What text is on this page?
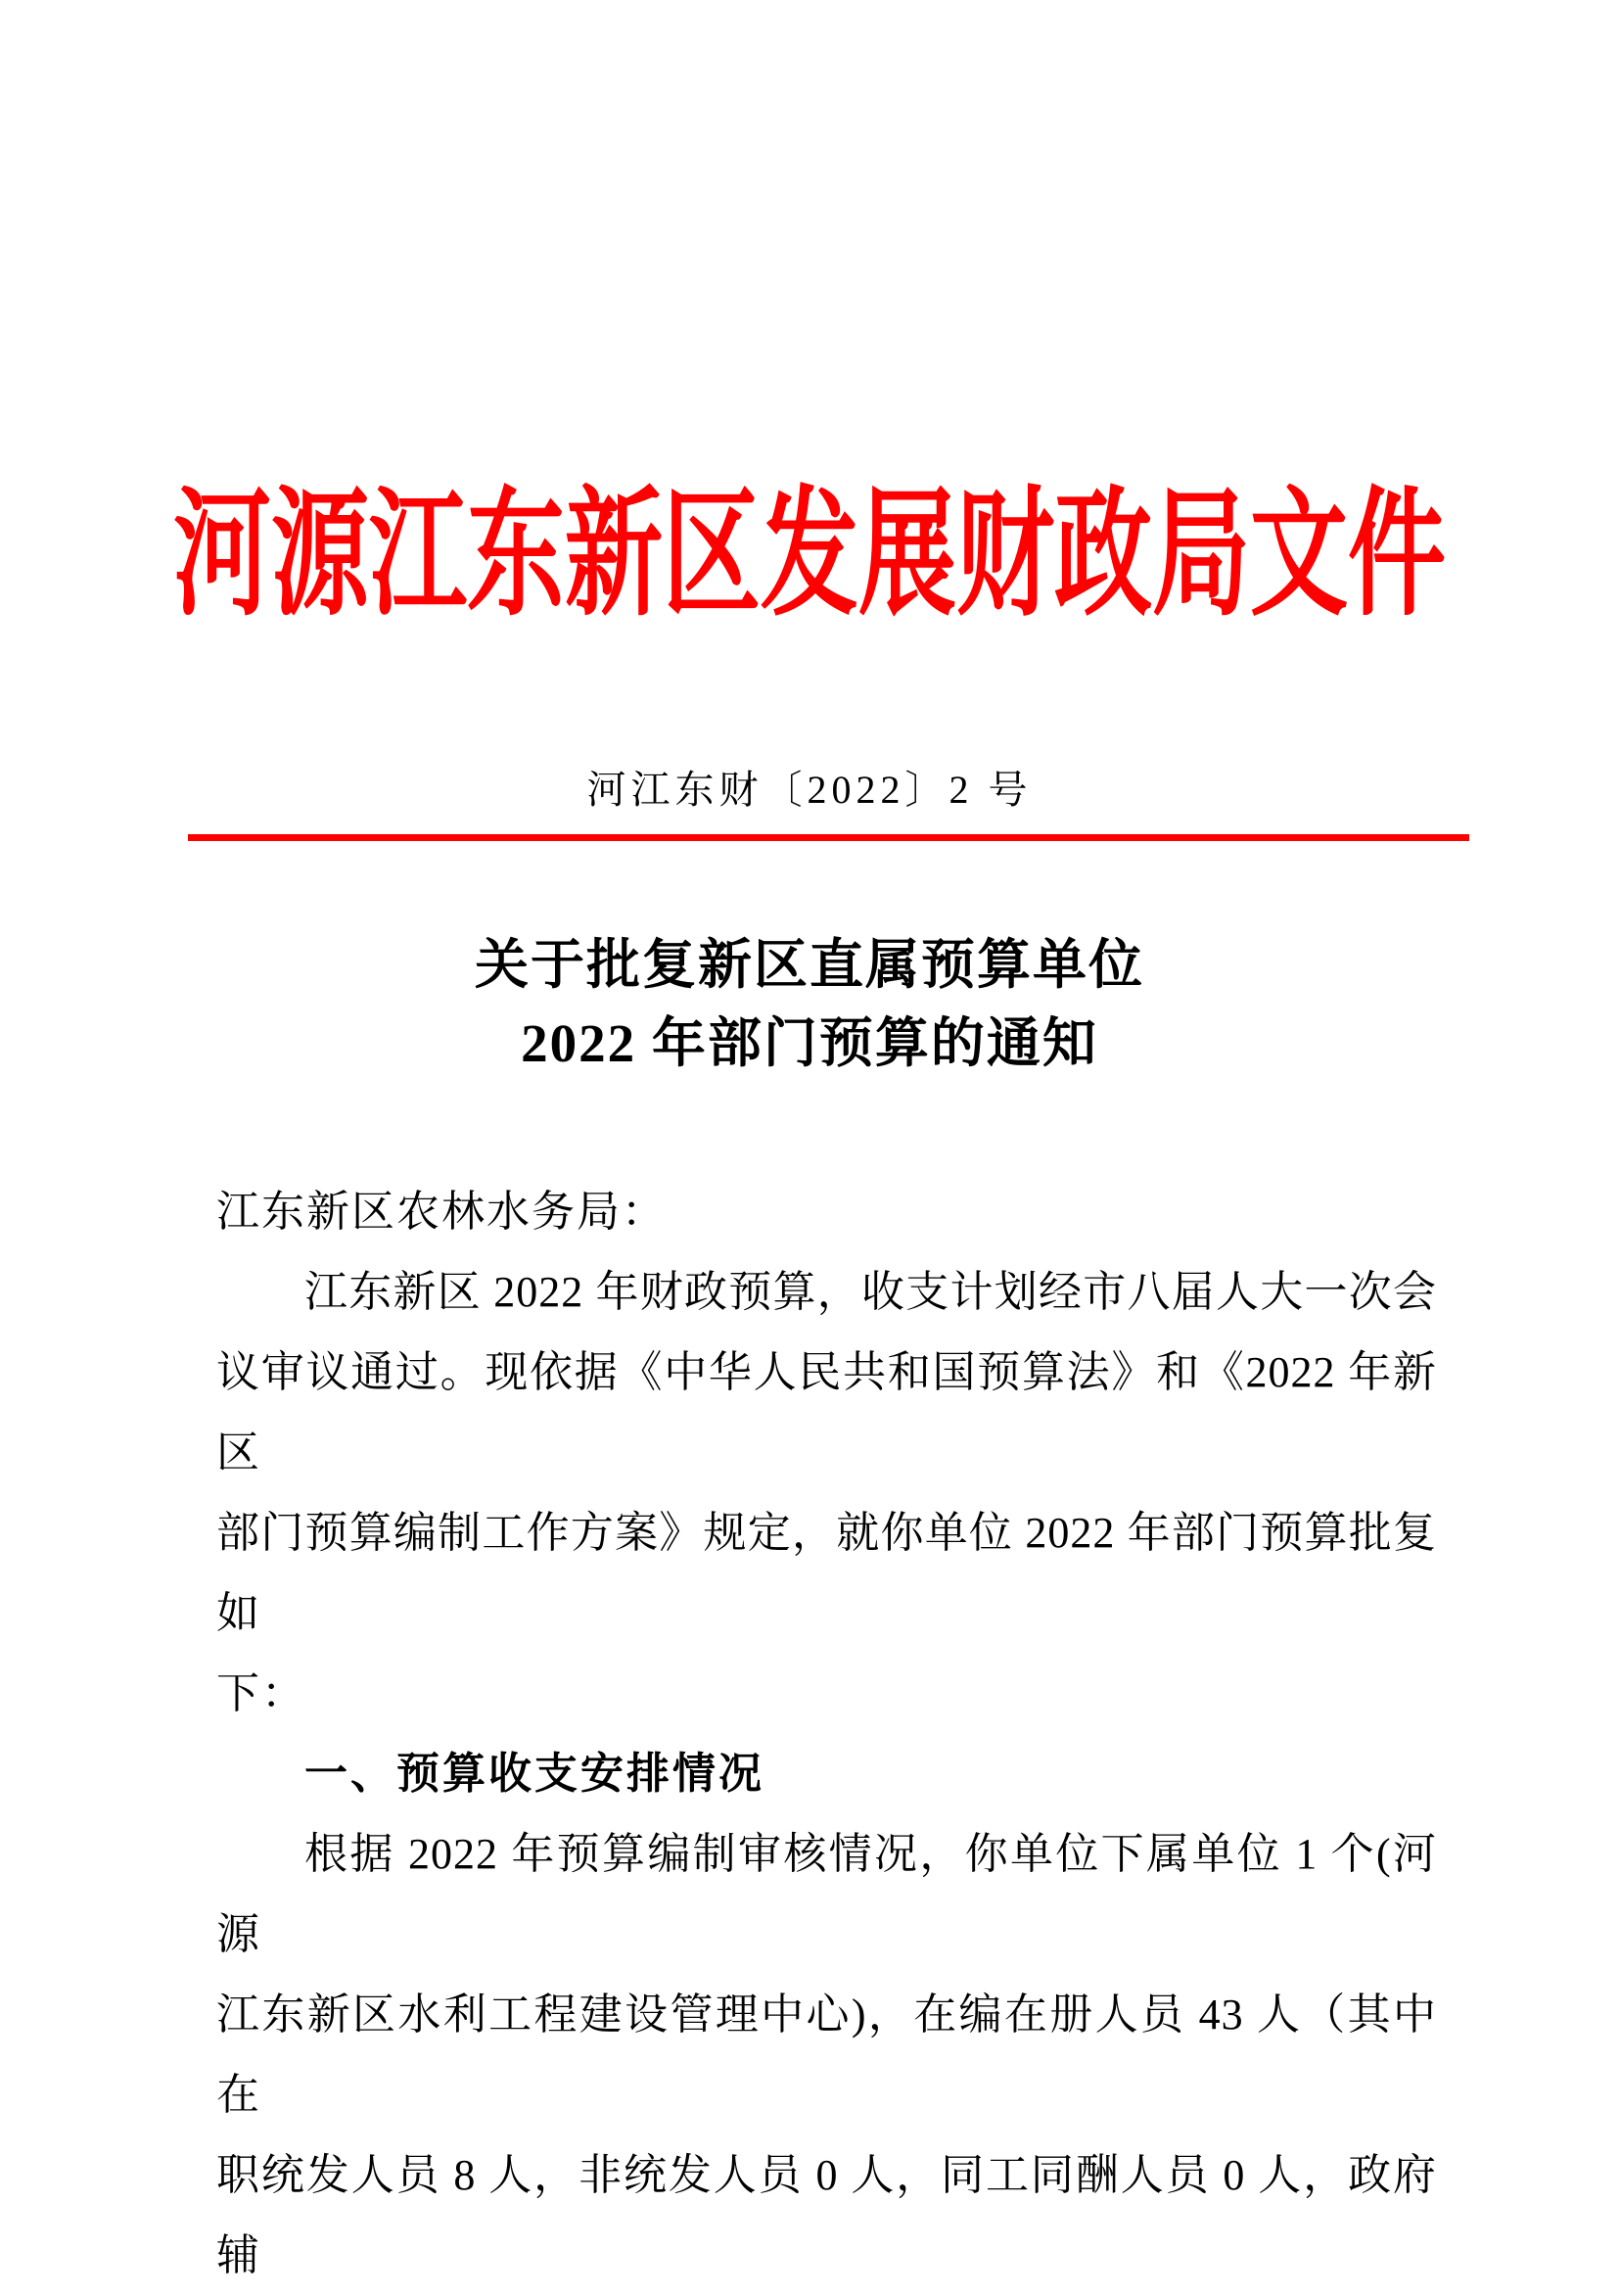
河源江东新区发展财政局文件
河江东财〔2022〕2 号
关于批复新区直属预算单位
2022 年部门预算的通知
江东新区农林水务局：
江东新区 2022 年财政预算，收支计划经市八届人大一次会
议审议通过。现依据《中华人民共和国预算法》和《2022 年新区
部门预算编制工作方案》规定，就你单位 2022 年部门预算批复如
下：
一、预算收支安排情况
根据 2022 年预算编制审核情况，你单位下属单位 1 个(河源
江东新区水利工程建设管理中心)，在编在册人员 43 人（其中在
职统发人员 8 人，非统发人员 0 人，同工同酬人员 0 人，政府辅
